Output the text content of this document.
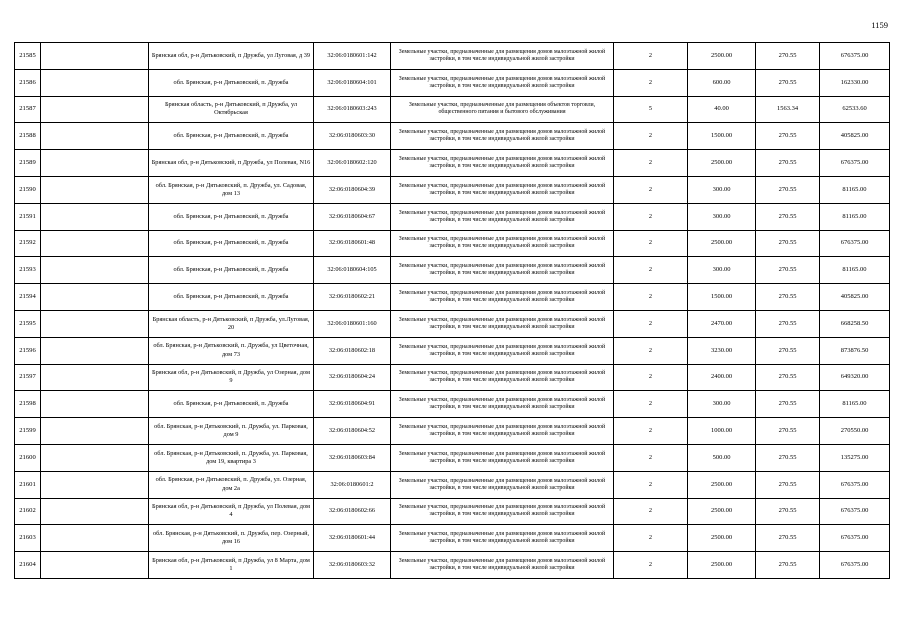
1159
21585		Брянская обл, р-н Дятьковский, п Дружба, ул Луговая, д 39	32:06:0180601:142	Земельные участки, предназначенные для размещения домов малоэтажной жилой застройки, в том числе индивидуальной жилой застройки	2	2500.00	270.55	676375.00
21586		обл. Брянская, р-н Дятьковский, п. Дружба	32:06:0180604:101	Земельные участки, предназначенные для размещения домов малоэтажной жилой застройки, в том числе индивидуальной жилой застройки	2	600.00	270.55	162330.00
21587		Брянская область, р-н Дятьковский, п Дружба, ул Октябрьская	32:06:0180603:243	Земельные участки, предназначенные для размещения объектов торговли, общественного питания и бытового обслуживания	5	40.00	1563.34	62533.60
21588		обл. Брянская, р-н Дятьковский, п. Дружба	32:06:0180603:30	Земельные участки, предназначенные для размещения домов малоэтажной жилой застройки, в том числе индивидуальной жилой застройки	2	1500.00	270.55	405825.00
21589		Брянская обл, р-н Дятьковский, п Дружба, ул Полевая, N16	32:06:0180602:120	Земельные участки, предназначенные для размещения домов малоэтажной жилой застройки, в том числе индивидуальной жилой застройки	2	2500.00	270.55	676375.00
21590		обл. Брянская, р-н Дятьковский, п. Дружба, ул. Садовая, дом 13	32:06:0180604:39	Земельные участки, предназначенные для размещения домов малоэтажной жилой застройки, в том числе индивидуальной жилой застройки	2	300.00	270.55	81165.00
21591		обл. Брянская, р-н Дятьковский, п. Дружба	32:06:0180604:67	Земельные участки, предназначенные для размещения домов малоэтажной жилой застройки, в том числе индивидуальной жилой застройки	2	300.00	270.55	81165.00
21592		обл. Брянская, р-н Дятьковский, п. Дружба	32:06:0180601:48	Земельные участки, предназначенные для размещения домов малоэтажной жилой застройки, в том числе индивидуальной жилой застройки	2	2500.00	270.55	676375.00
21593		обл. Брянская, р-н Дятьковский, п. Дружба	32:06:0180604:105	Земельные участки, предназначенные для размещения домов малоэтажной жилой застройки, в том числе индивидуальной жилой застройки	2	300.00	270.55	81165.00
21594		обл. Брянская, р-н Дятьковский, п. Дружба	32:06:0180602:21	Земельные участки, предназначенные для размещения домов малоэтажной жилой застройки, в том числе индивидуальной жилой застройки	2	1500.00	270.55	405825.00
21595		Брянская область, р-н Дятьковский, п Дружба, ул.Луговая, 20	32:06:0180601:160	Земельные участки, предназначенные для размещения домов малоэтажной жилой застройки, в том числе индивидуальной жилой застройки	2	2470.00	270.55	668258.50
21596		обл. Брянская, р-н Дятьковский, п. Дружба, ул Цветочная, дом 73	32:06:0180602:18	Земельные участки, предназначенные для размещения домов малоэтажной жилой застройки, в том числе индивидуальной жилой застройки	2	3230.00	270.55	873876.50
21597		Брянская обл, р-н Дятьковский, п Дружба, ул Озерная, дом 9	32:06:0180604:24	Земельные участки, предназначенные для размещения домов малоэтажной жилой застройки, в том числе индивидуальной жилой застройки	2	2400.00	270.55	649320.00
21598		обл. Брянская, р-н Дятьковский, п. Дружба	32:06:0180604:91	Земельные участки, предназначенные для размещения домов малоэтажной жилой застройки, в том числе индивидуальной жилой застройки	2	300.00	270.55	81165.00
21599		обл. Брянская, р-н Дятьковский, п. Дружба, ул. Парковая, дом 9	32:06:0180604:52	Земельные участки, предназначенные для размещения домов малоэтажной жилой застройки, в том числе индивидуальной жилой застройки	2	1000.00	270.55	270550.00
21600		обл. Брянская, р-н Дятьковский, п. Дружба, ул. Парковая, дом 19, квартира 3	32:06:0180603:84	Земельные участки, предназначенные для размещения домов малоэтажной жилой застройки, в том числе индивидуальной жилой застройки	2	500.00	270.55	135275.00
21601		обл. Брянская, р-н Дятьковский, п. Дружба, ул. Озерная, дом 2а	32:06:0180601:2	Земельные участки, предназначенные для размещения домов малоэтажной жилой застройки, в том числе индивидуальной жилой застройки	2	2500.00	270.55	676375.00
21602		Брянская обл, р-н Дятьковский, п Дружба, ул Полевая, дом 4	32:06:0180602:66	Земельные участки, предназначенные для размещения домов малоэтажной жилой застройки, в том числе индивидуальной жилой застройки	2	2500.00	270.55	676375.00
21603		обл. Брянская, р-н Дятьковский, п. Дружба, пер. Озерный, дом 16	32:06:0180601:44	Земельные участки, предназначенные для размещения домов малоэтажной жилой застройки, в том числе индивидуальной жилой застройки	2	2500.00	270.55	676375.00
21604		Брянская обл, р-н Дятьковский, п Дружба, ул 8 Марта, дом 1	32:06:0180603:32	Земельные участки, предназначенные для размещения домов малоэтажной жилой застройки, в том числе индивидуальной жилой застройки	2	2500.00	270.55	676375.00
